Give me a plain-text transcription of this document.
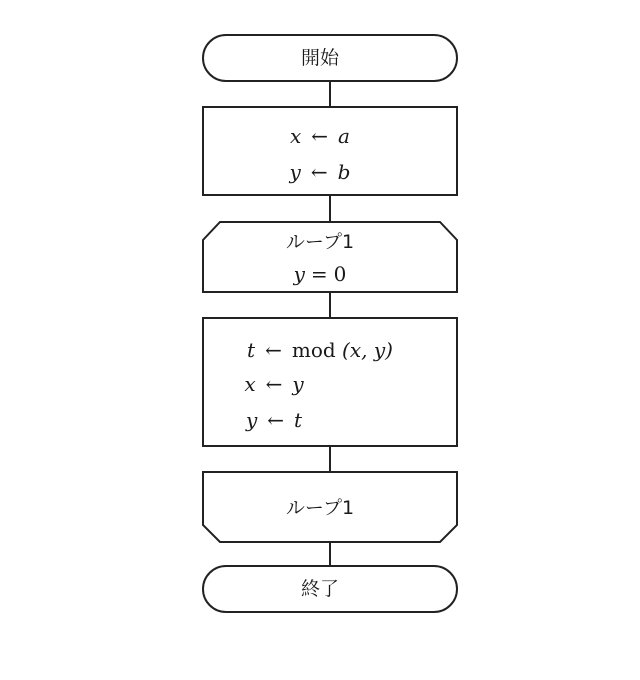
開始
x ← a
y ← b
ループ1
y = 0
t ← mod (x, y)
x ← y
y ← t
ループ1
終了
